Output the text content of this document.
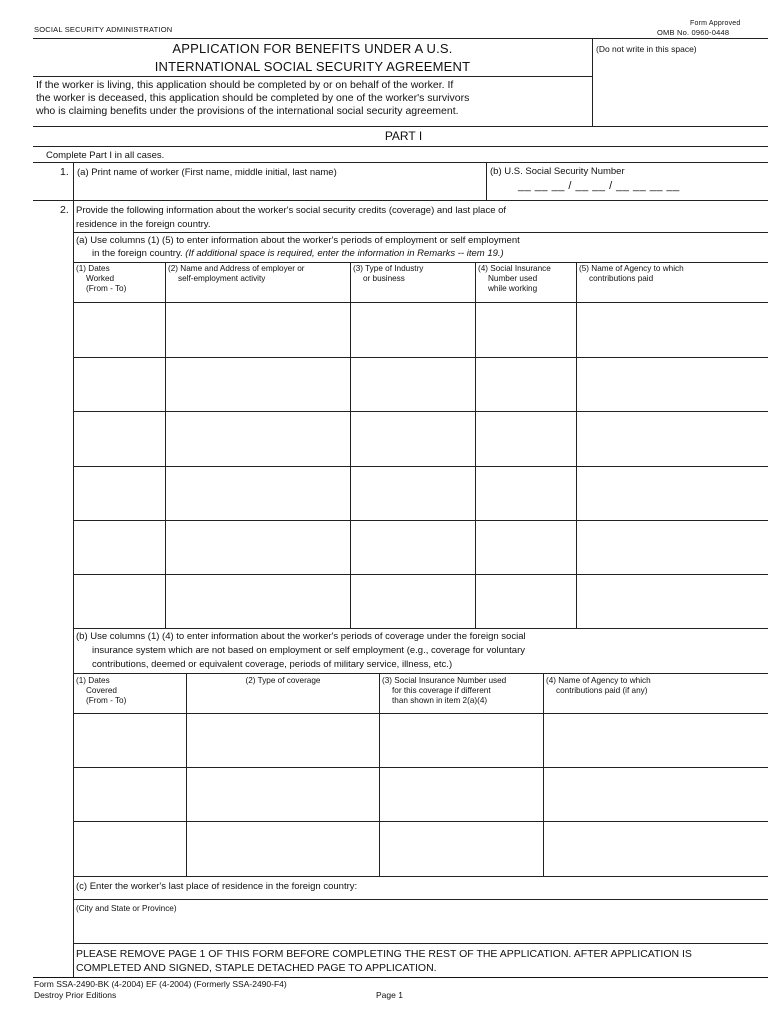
SOCIAL SECURITY ADMINISTRATION
Form Approved
OMB No. 0960-0448
APPLICATION FOR BENEFITS UNDER A U.S.
INTERNATIONAL SOCIAL SECURITY AGREEMENT
(Do not write in this space)
If the worker is living, this application should be completed by or on behalf of the worker. If
the worker is deceased, this application should be completed by one of the worker's survivors
who is claiming benefits under the provisions of the international social security agreement.
PART I
Complete Part I in all cases.
1. (a) Print name of worker (First name, middle initial, last name)	(b) U.S. Social Security Number
__ __ __ / __ __ / __ __ __ __
2. Provide the following information about the worker's social security credits (coverage) and last place of
residence in the foreign country.
(a) Use columns (1) (5) to enter information about the worker's periods of employment or self employment
in the foreign country. (If additional space is required, enter the information in Remarks -- item 19.)
(1) Dates
Worked
(From - To)
(2) Name and Address of employer or
self-employment activity
(3) Type of Industry
or business
(4) Social Insurance
Number used
while working
(5) Name of Agency to which
contributions paid
(b) Use columns (1) (4) to enter information about the worker's periods of coverage under the foreign social
insurance system which are not based on employment or self employment (e.g., coverage for voluntary
contributions, deemed or equivalent coverage, periods of military service, illness, etc.)
(1) Dates
Covered
(From - To)
(2) Type of coverage	(3) Social Insurance Number used
for this coverage if different
than shown in item 2(a)(4)
(4) Name of Agency to which
contributions paid (if any)
(c) Enter the worker's last place of residence in the foreign country:
(City and State or Province)
PLEASE REMOVE PAGE 1 OF THIS FORM BEFORE COMPLETING THE REST OF THE APPLICATION. AFTER APPLICATION IS
COMPLETED AND SIGNED, STAPLE DETACHED PAGE TO APPLICATION.
Form SSA-2490-BK (4-2004) EF (4-2004) (Formerly SSA-2490-F4)
Destroy Prior Editions	Page 1
